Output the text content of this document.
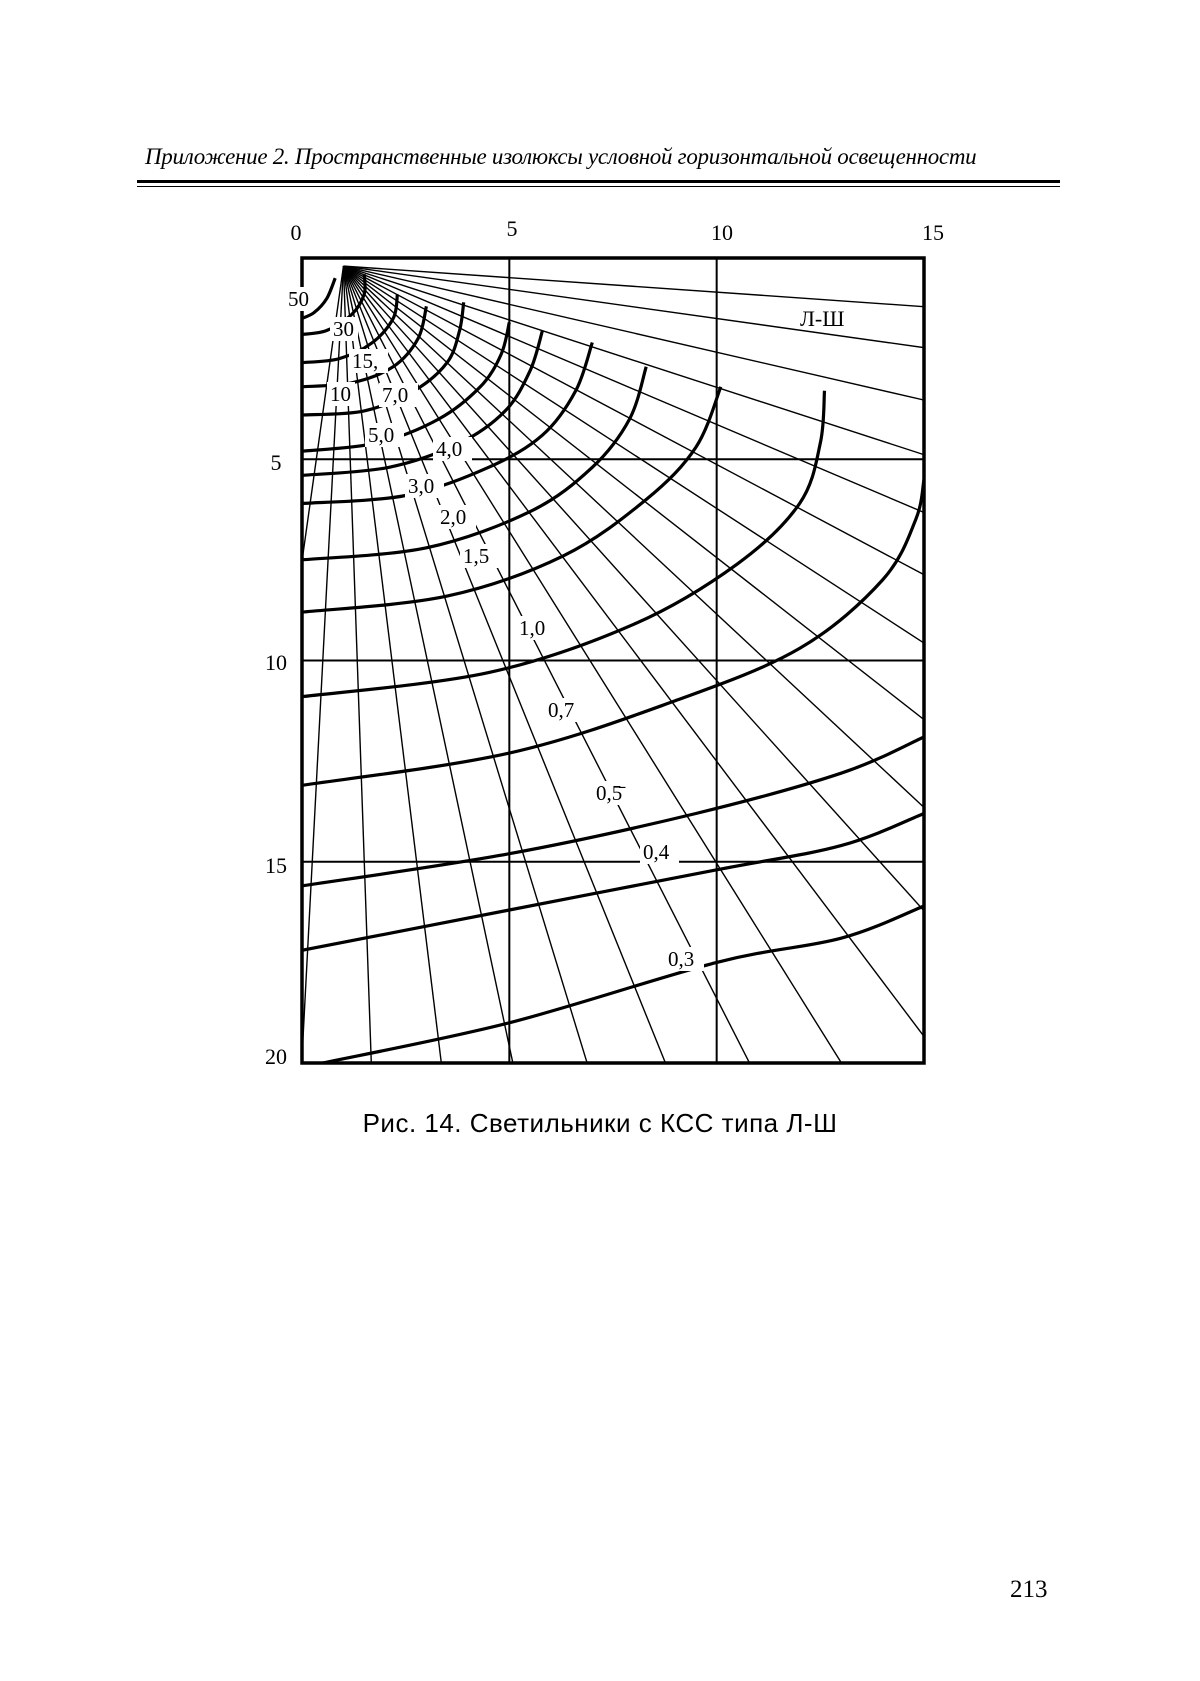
Приложение 2. Пространственные изолюксы условной горизонтальной освещенности
50
30
15,
10 7,0
5,0
4,0
3,0
2,0
1,5
1,0
0,7
0,5̄
0,4
0,3
0	5	10	15
5
10
15
20
Л-Ш
Рис. 14. Светильники с КСС типа Л-Ш
213
